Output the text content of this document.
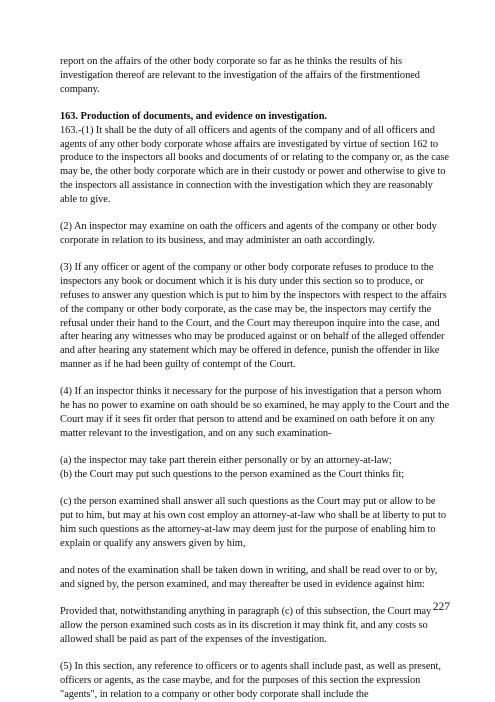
report on the affairs of the other body corporate so far as he thinks the results of his investigation thereof are relevant to the investigation of the affairs of the firstmentioned company.

163. Production of documents, and evidence on investigation.

163.-(1) It shall be the duty of all officers and agents of the company and of all officers and agents of any other body corporate whose affairs are investigated by virtue of section 162 to produce to the inspectors all books and documents of or relating to the company or, as the case may be, the other body corporate which are in their custody or power and otherwise to give to the inspectors all assistance in connection with the investigation which they are reasonably able to give.

(2) An inspector may examine on oath the officers and agents of the company or other body corporate in relation to its business, and may administer an oath accordingly.

(3) If any officer or agent of the company or other body corporate refuses to produce to the inspectors any book or document which it is his duty under this section so to produce, or refuses to answer any question which is put to him by the inspectors with respect to the affairs of the company or other body corporate, as the case may be, the inspectors may certify the refusal under their hand to the Court, and the Court may thereupon inquire into the case, and after hearing any witnesses who may be produced against or on behalf of the alleged offender and after hearing any statement which may be offered in defence, punish the offender in like manner as if he had been guilty of contempt of the Court.

(4) If an inspector thinks it necessary for the purpose of his investigation that a person whom he has no power to examine on oath should be so examined, he may apply to the Court and the Court may if it sees fit order that person to attend and be examined on oath before it on any matter relevant to the investigation, and on any such examination-

(a) the inspector may take part therein either personally or by an attorney-at-law;

(b) the Court may put such questions to the person examined as the Court thinks fit;

(c) the person examined shall answer all such questions as the Court may put or allow to be put to him, but may at his own cost employ an attorney-at-law who shall be at liberty to put to him such questions as the attorney-at-law may deem just for the purpose of enabling him to explain or qualify any answers given by him,

and notes of the examination shall be taken down in writing, and shall be read over to or by, and signed by, the person examined, and may thereafter be used in evidence against him:

Provided that, notwithstanding anything in paragraph (c) of this subsection, the Court may allow the person examined such costs as in its discretion it may think fit, and any costs so allowed shall be paid as part of the expenses of the investigation.

(5) In this section, any reference to officers or to agents shall include past, as well as present, officers or agents, as the case maybe, and for the purposes of this section the expression "agents", in relation to a company or other body corporate shall include the

227
